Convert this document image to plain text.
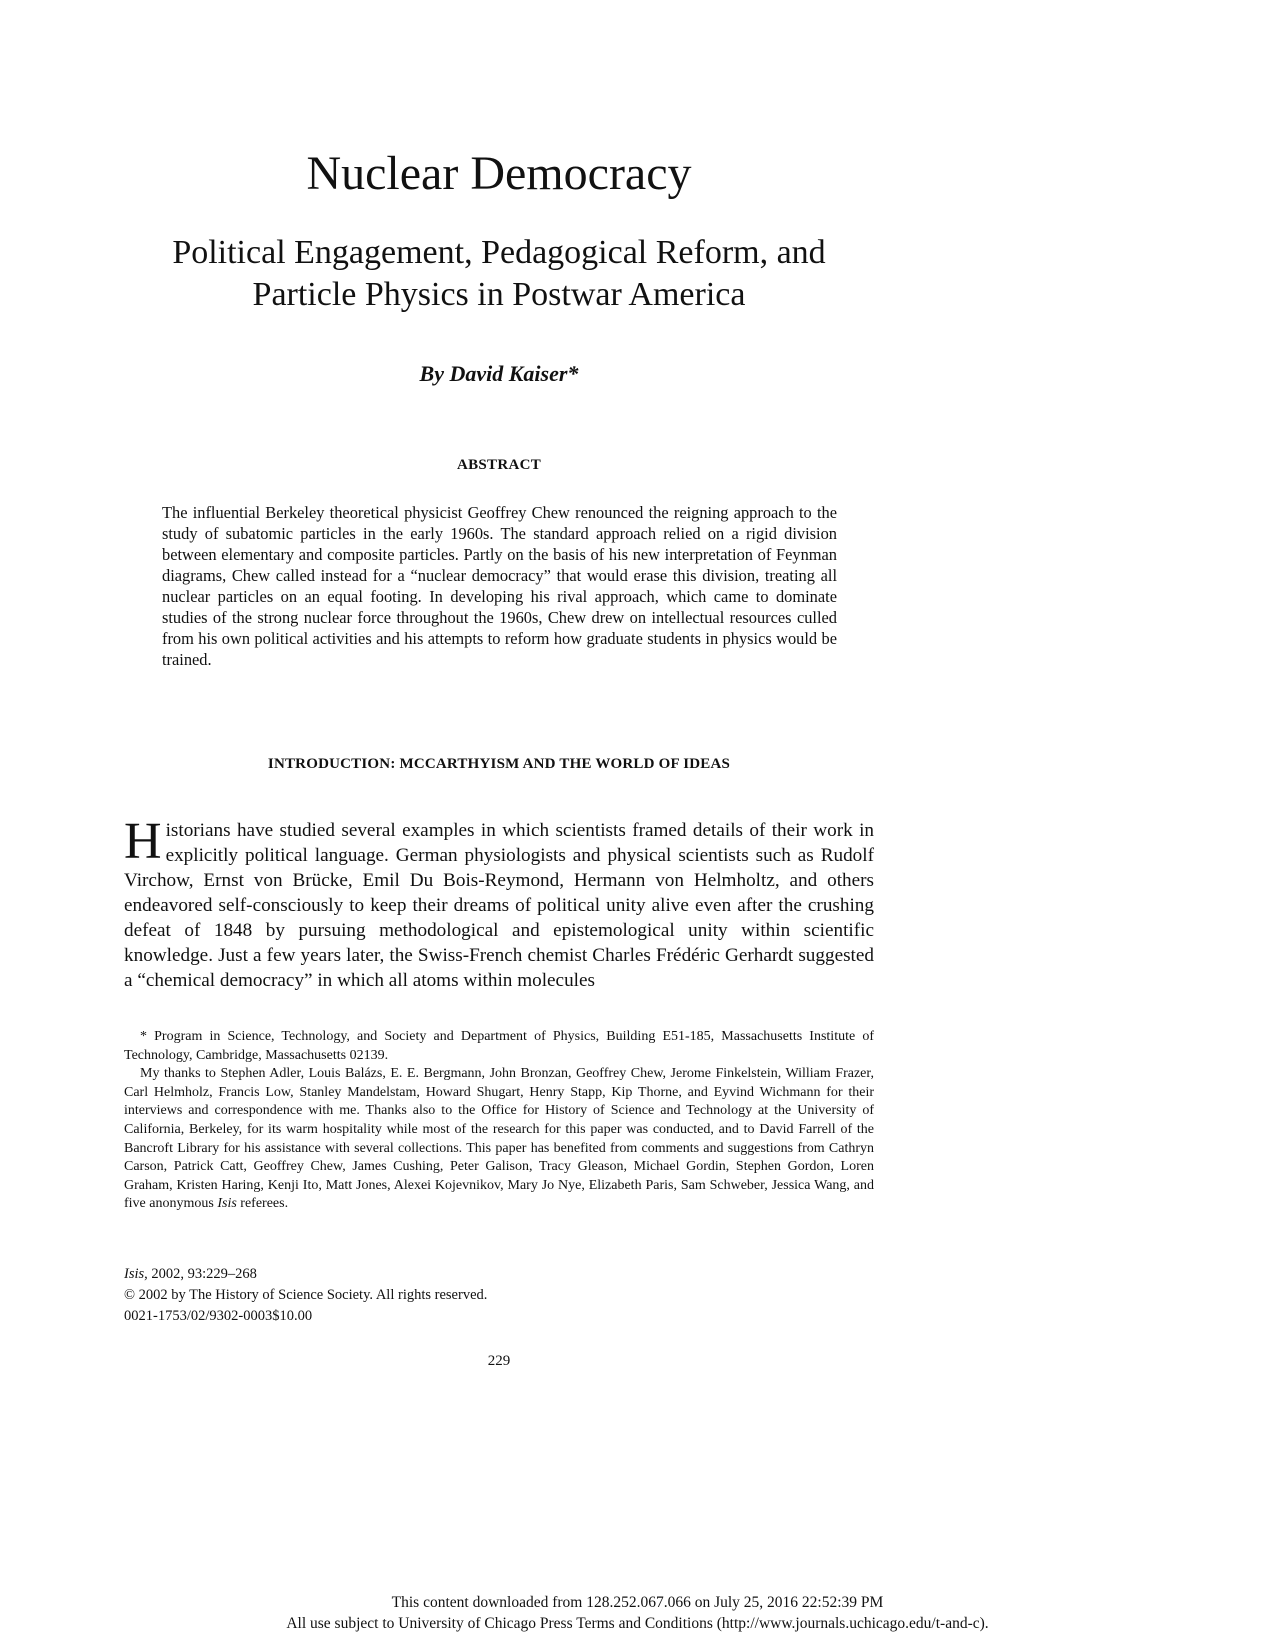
Nuclear Democracy
Political Engagement, Pedagogical Reform, and
Particle Physics in Postwar America
By David Kaiser*
ABSTRACT

The influential Berkeley theoretical physicist Geoffrey Chew renounced the reigning approach to the study of subatomic particles in the early 1960s. The standard approach relied on a rigid division between elementary and composite particles. Partly on the basis of his new interpretation of Feynman diagrams, Chew called instead for a “nuclear democracy” that would erase this division, treating all nuclear particles on an equal footing. In developing his rival approach, which came to dominate studies of the strong nuclear force throughout the 1960s, Chew drew on intellectual resources culled from his own political activities and his attempts to reform how graduate students in physics would be trained.

INTRODUCTION: MCCARTHYISM AND THE WORLD OF IDEAS

Historians have studied several examples in which scientists framed details of their work in explicitly political language. German physiologists and physical scientists such as Rudolf Virchow, Ernst von Brücke, Emil Du Bois-Reymond, Hermann von Helmholtz, and others endeavored self-consciously to keep their dreams of political unity alive even after the crushing defeat of 1848 by pursuing methodological and epistemological unity within scientific knowledge. Just a few years later, the Swiss-French chemist Charles Frédéric Gerhardt suggested a “chemical democracy” in which all atoms within molecules

* Program in Science, Technology, and Society and Department of Physics, Building E51-185, Massachusetts Institute of Technology, Cambridge, Massachusetts 02139.

My thanks to Stephen Adler, Louis Balázs, E. E. Bergmann, John Bronzan, Geoffrey Chew, Jerome Finkelstein, William Frazer, Carl Helmholz, Francis Low, Stanley Mandelstam, Howard Shugart, Henry Stapp, Kip Thorne, and Eyvind Wichmann for their interviews and correspondence with me. Thanks also to the Office for History of Science and Technology at the University of California, Berkeley, for its warm hospitality while most of the research for this paper was conducted, and to David Farrell of the Bancroft Library for his assistance with several collections. This paper has benefited from comments and suggestions from Cathryn Carson, Patrick Catt, Geoffrey Chew, James Cushing, Peter Galison, Tracy Gleason, Michael Gordin, Stephen Gordon, Loren Graham, Kristen Haring, Kenji Ito, Matt Jones, Alexei Kojevnikov, Mary Jo Nye, Elizabeth Paris, Sam Schweber, Jessica Wang, and five anonymous Isis referees.

Isis, 2002, 93:229–268
© 2002 by The History of Science Society. All rights reserved.
0021-1753/02/9302-0003$10.00
229
This content downloaded from 128.252.067.066 on July 25, 2016 22:52:39 PM
All use subject to University of Chicago Press Terms and Conditions (http://www.journals.uchicago.edu/t-and-c).
